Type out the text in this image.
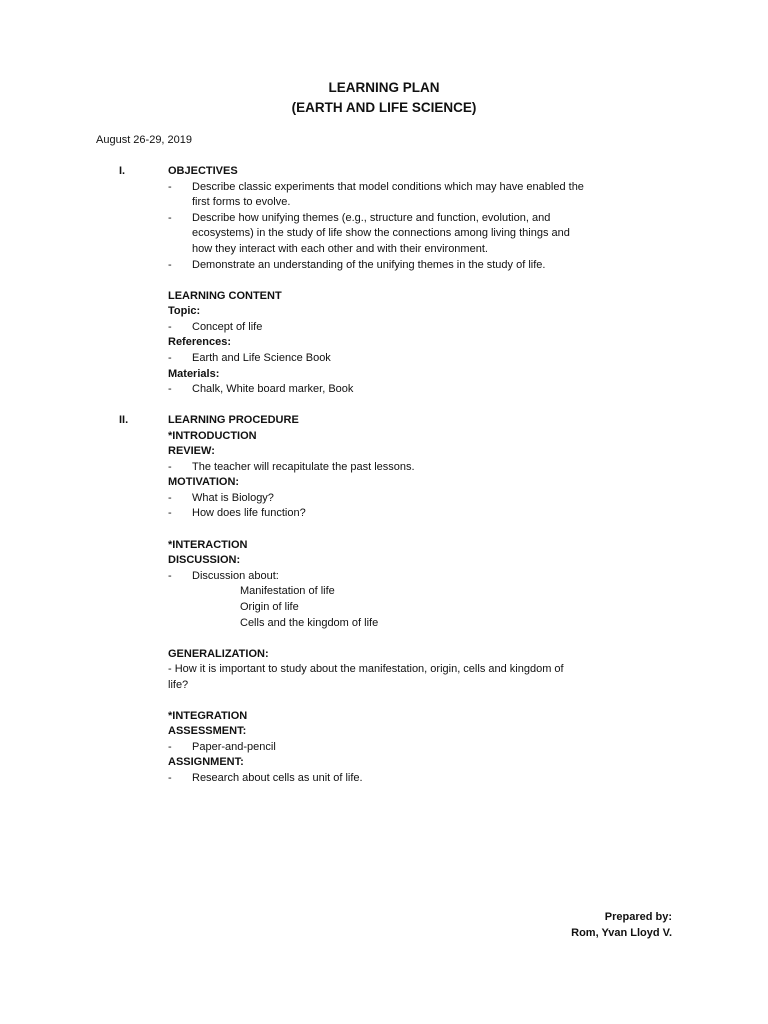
LEARNING PLAN
(EARTH AND LIFE SCIENCE)
August 26-29, 2019
I.	OBJECTIVES
- Describe classic experiments that model conditions which may have enabled the
first forms to evolve.
- Describe how unifying themes (e.g., structure and function, evolution, and
ecosystems) in the study of life show the connections among living things and
how they interact with each other and with their environment.
- Demonstrate an understanding of the unifying themes in the study of life.
LEARNING CONTENT
Topic:
- Concept of life
References:
- Earth and Life Science Book
Materials:
- Chalk, White board marker, Book
II.	LEARNING PROCEDURE
*INTRODUCTION
REVIEW:
- The teacher will recapitulate the past lessons.
MOTIVATION:
- What is Biology?
- How does life function?
*INTERACTION
DISCUSSION:
- Discussion about:
Manifestation of life
Origin of life
Cells and the kingdom of life
GENERALIZATION:
- How it is important to study about the manifestation, origin, cells and kingdom of
life?
*INTEGRATION
ASSESSMENT:
- Paper-and-pencil
ASSIGNMENT:
- Research about cells as unit of life.
Prepared by:
Rom, Yvan Lloyd V.
